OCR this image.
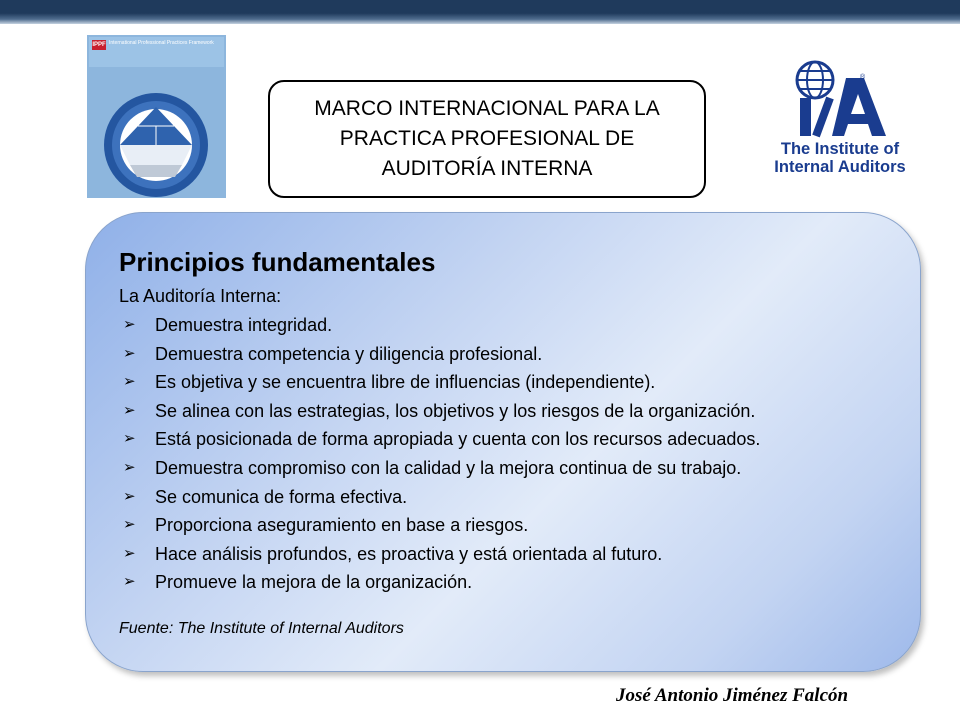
IPPF International Professional Practices Framework
MARCO INTERNACIONAL PARA LA
PRACTICA PROFESIONAL DE
AUDITORÍA INTERNA
®
The Institute of
Internal Auditors
Principios fundamentales
La Auditoría Interna:
➢ Demuestra integridad.
➢ Demuestra competencia y diligencia profesional.
➢ Es objetiva y se encuentra libre de influencias (independiente).
➢ Se alinea con las estrategias, los objetivos y los riesgos de la organización.
➢ Está posicionada de forma apropiada y cuenta con los recursos adecuados.
➢ Demuestra compromiso con la calidad y la mejora continua de su trabajo.
➢ Se comunica de forma efectiva.
➢ Proporciona aseguramiento en base a riesgos.
➢ Hace análisis profundos, es proactiva y está orientada al futuro.
➢ Promueve la mejora de la organización.
Fuente: The Institute of Internal Auditors
José Antonio Jiménez Falcón
